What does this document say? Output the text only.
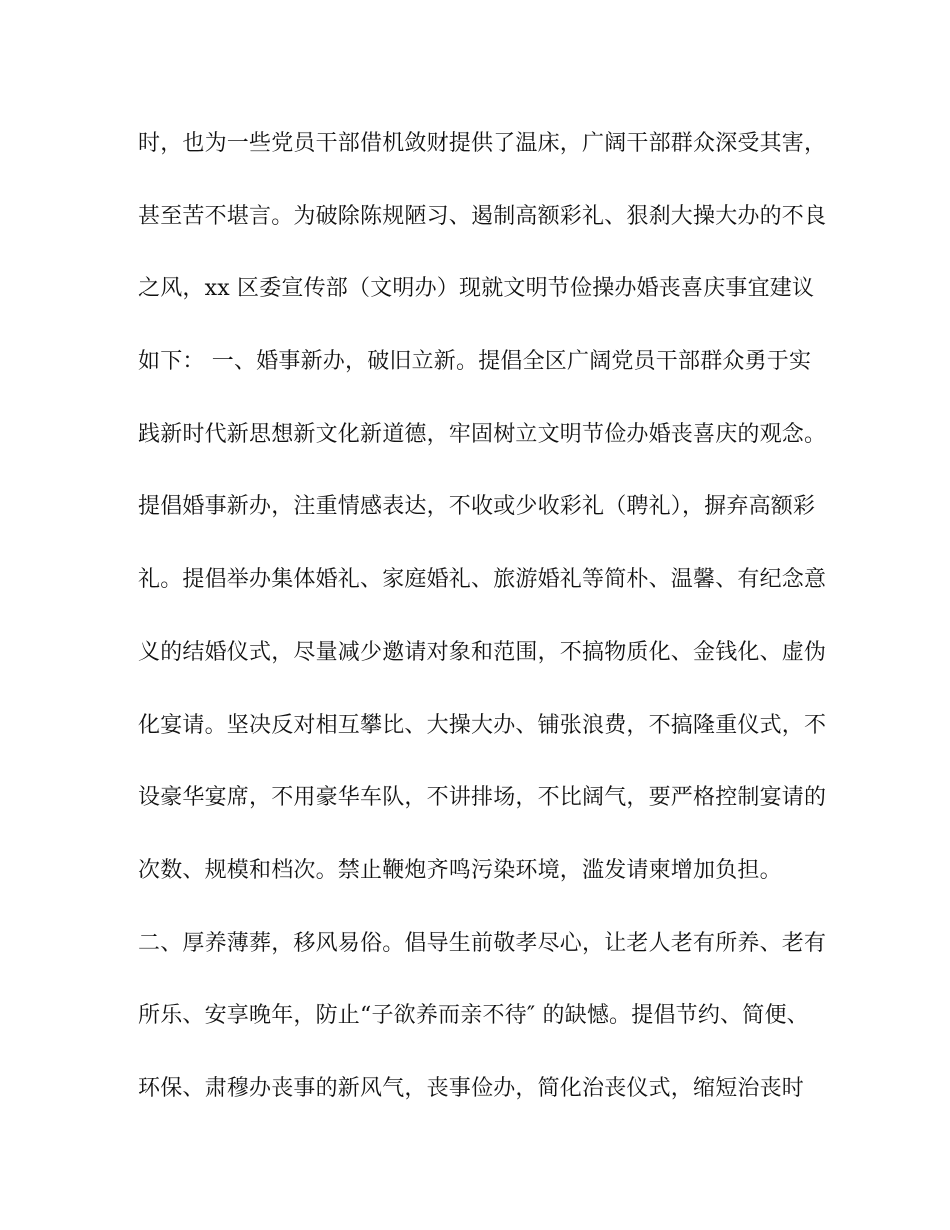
时，也为一些党员干部借机敛财提供了温床，广阔干部群众深受其害，
甚至苦不堪言。为破除陈规陋习、遏制高额彩礼、狠刹大操大办的不良
之风，xx 区委宣传部（文明办）现就文明节俭操办婚丧喜庆事宜建议
如下： 一、婚事新办，破旧立新。提倡全区广阔党员干部群众勇于实
践新时代新思想新文化新道德，牢固树立文明节俭办婚丧喜庆的观念。
提倡婚事新办，注重情感表达，不收或少收彩礼（聘礼），摒弃高额彩
礼。提倡举办集体婚礼、家庭婚礼、旅游婚礼等简朴、温馨、有纪念意
义的结婚仪式，尽量减少邀请对象和范围，不搞物质化、金钱化、虚伪
化宴请。坚决反对相互攀比、大操大办、铺张浪费，不搞隆重仪式，不
设豪华宴席，不用豪华车队，不讲排场，不比阔气，要严格控制宴请的
次数、规模和档次。禁止鞭炮齐鸣污染环境，滥发请柬增加负担。
二、厚养薄葬，移风易俗。倡导生前敬孝尽心，让老人老有所养、老有
所乐、安享晚年，防止“子欲养而亲不待″ 的缺憾。提倡节约、简便、
环保、肃穆办丧事的新风气，丧事俭办，简化治丧仪式，缩短治丧时
